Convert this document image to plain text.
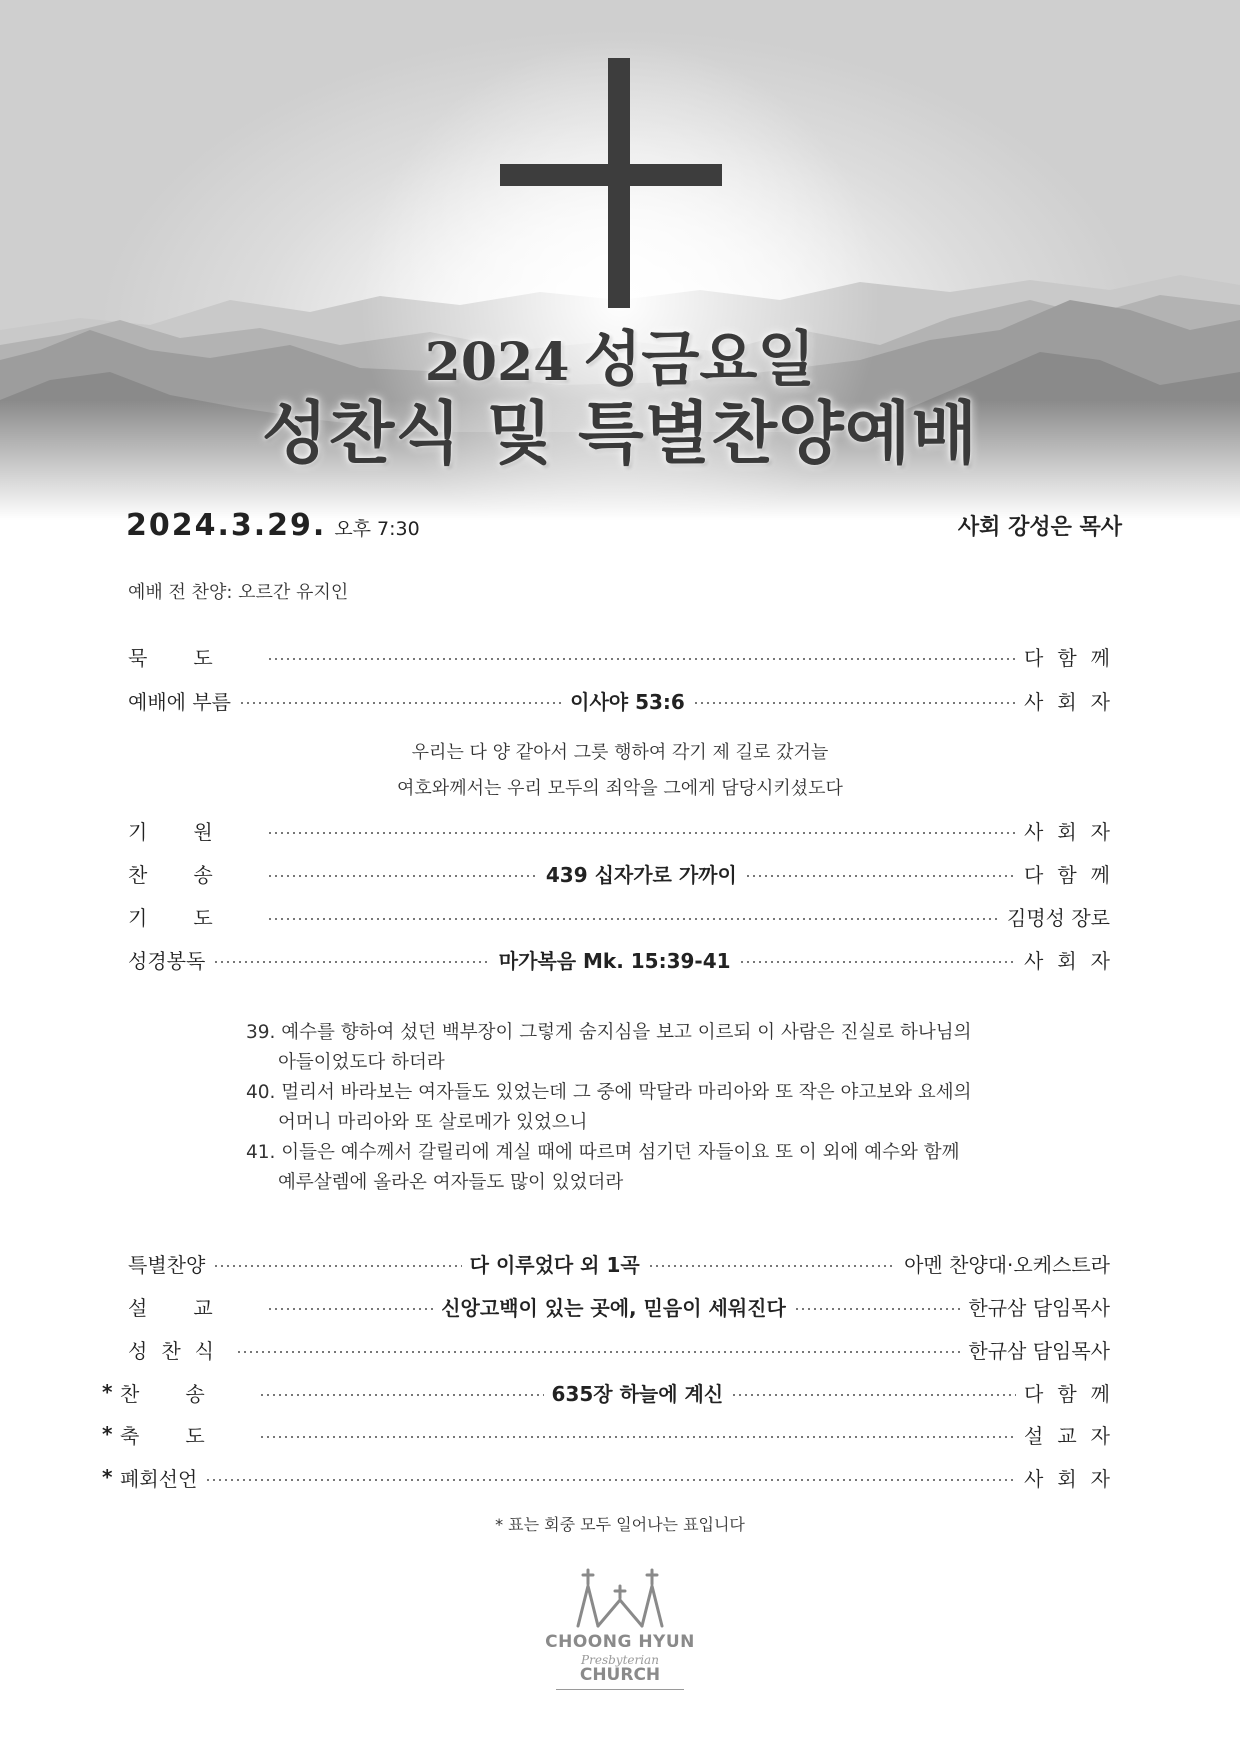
2024 성금요일
성찬식 및 특별찬양예배
2024.3.29. 오후 7:30	사회 강성은 목사
예배 전 찬양: 오르간 유지인
묵도	다함께
예배에 부름	이사야 53:6	사회자
우리는 다 양 같아서 그릇 행하여 각기 제 길로 갔거늘
여호와께서는 우리 모두의 죄악을 그에게 담당시키셨도다
기원	사회자
찬송	439 십자가로 가까이	다함께
기도	김명성 장로
성경봉독	마가복음 Mk. 15:39-41	사회자
39. 예수를 향하여 섰던 백부장이 그렇게 숨지심을 보고 이르되 이 사람은 진실로 하나님의
아들이었도다 하더라
40. 멀리서 바라보는 여자들도 있었는데 그 중에 막달라 마리아와 또 작은 야고보와 요세의
어머니 마리아와 또 살로메가 있었으니
41. 이들은 예수께서 갈릴리에 계실 때에 따르며 섬기던 자들이요 또 이 외에 예수와 함께
예루살렘에 올라온 여자들도 많이 있었더라
특별찬양	다 이루었다 외 1곡	아멘 찬양대·오케스트라
설교	신앙고백이 있는 곳에, 믿음이 세워진다	한규삼 담임목사
성찬식	한규삼 담임목사
* 찬송	635장 하늘에 계신	다함께
* 축도	설교자
* 폐회선언	사회자
* 표는 회중 모두 일어나는 표입니다
CHOONG HYUN
Presbyterian
CHURCH
